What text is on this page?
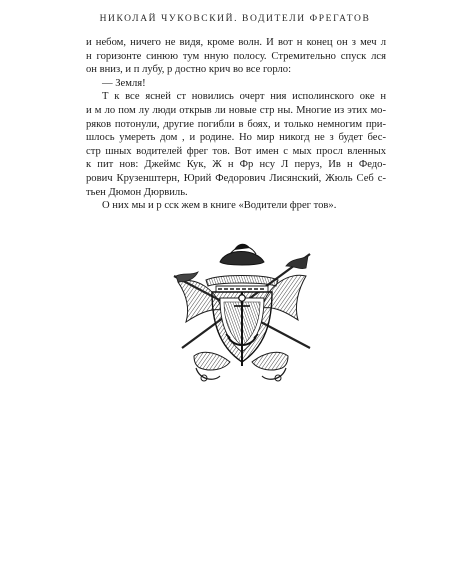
НИКОЛАЙ ЧУКОВСКИЙ. ВОДИТЕЛИ ФРЕГАТОВ
и небом, ничего не видя, кроме волн. И вот н конец он з меч л
н горизонте синюю тум нную полосу. Стремительно спуск лся
он вниз, и п лубу, р достно крич во все горло:
— Земля!
Т к все ясней ст новились очерт ния исполинского оке н
и м ло пом лу люди открыв ли новые стр ны. Многие из этих мо-
ряков потонули, другие погибли в боях, и только немногим при-
шлось умереть дом , и родине. Но мир никогд не з будет бес-
стр шных водителей фрег тов. Вот имен с мых просл вленных
к пит нов: Джеймс Кук, Ж н Фр нсу Л перуз, Ив н Федо-
рович Крузенштерн, Юрий Федорович Лисянский, Жюль Себ с-
тьен Дюмон Дюрвиль.
О них мы и р сск жем в книге «Водители фрег тов».
